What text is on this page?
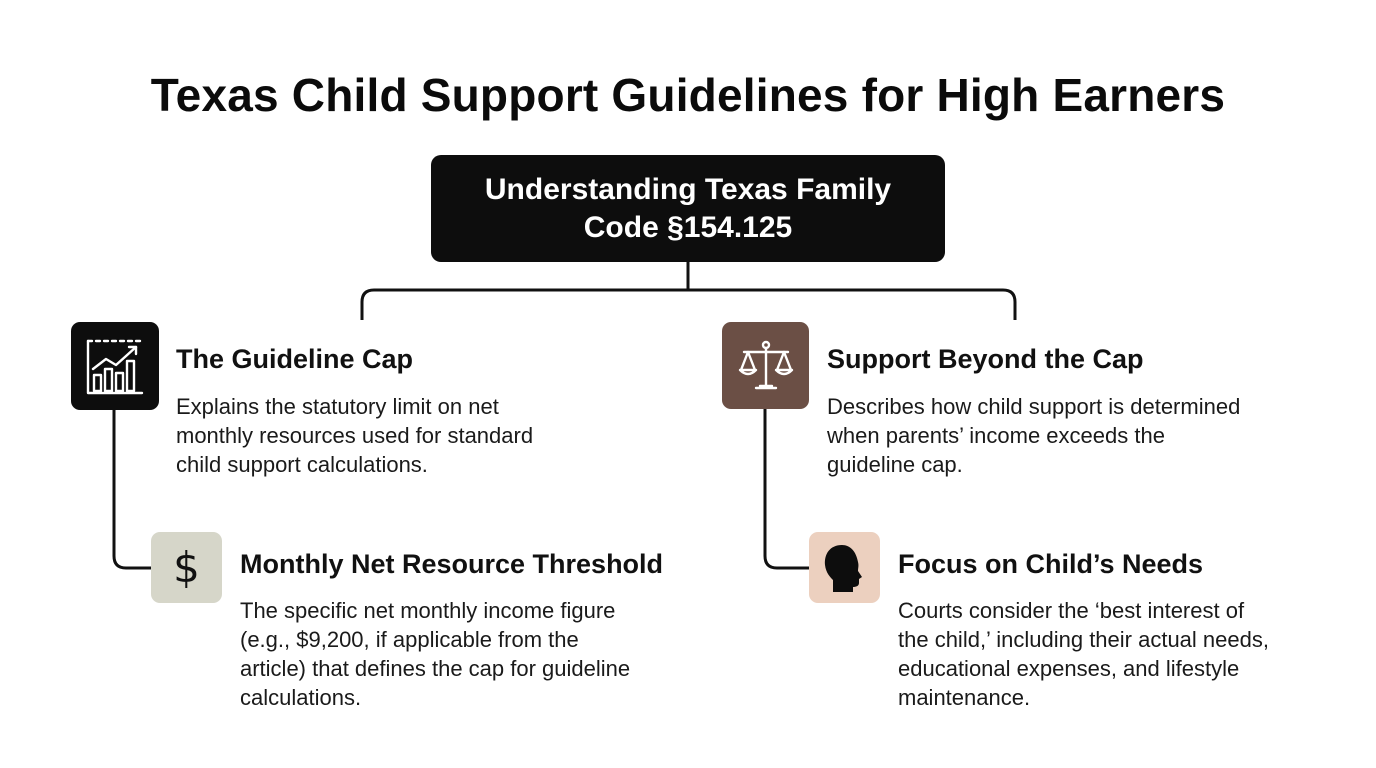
Texas Child Support Guidelines for High Earners
Understanding Texas Family
Code §154.125
The Guideline Cap
Explains the statutory limit on net
monthly resources used for standard
child support calculations.
$ Monthly Net Resource Threshold
The specific net monthly income figure
(e.g., $9,200, if applicable from the
article) that defines the cap for guideline
calculations.
Support Beyond the Cap
Describes how child support is determined
when parents’ income exceeds the
guideline cap.
Focus on Child’s Needs
Courts consider the ‘best interest of
the child,’ including their actual needs,
educational expenses, and lifestyle
maintenance.
